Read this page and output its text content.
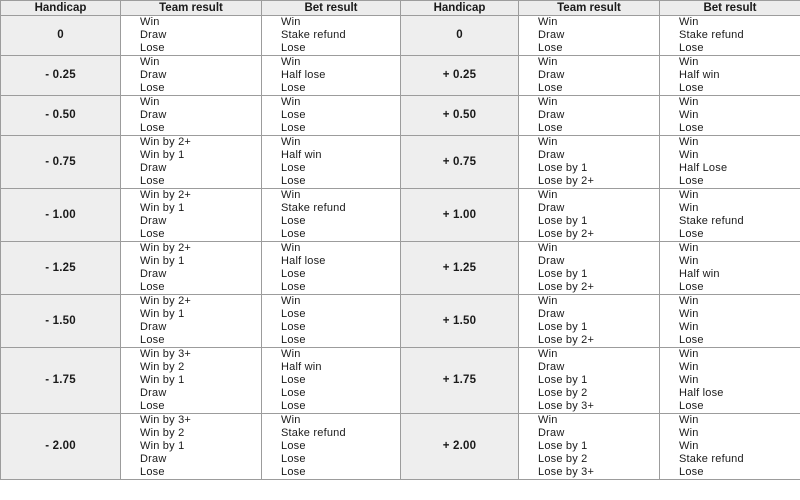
Handicap	Team result	Bet result	Handicap	Team result	Bet result
0	Win	Win	0	Win	Win
	Draw	Stake refund		Draw	Stake refund
	Lose	Lose		Lose	Lose
- 0.25	Win	Win	+ 0.25	Win	Win
	Draw	Half lose		Draw	Half win
	Lose	Lose		Lose	Lose
- 0.50	Win	Win	+ 0.50	Win	Win
	Draw	Lose		Draw	Win
	Lose	Lose		Lose	Lose
- 0.75	Win by 2+	Win	+ 0.75	Win	Win
	Win by 1	Half win		Draw	Win
	Draw	Lose		Lose by 1	Half Lose
	Lose	Lose		Lose by 2+	Lose
- 1.00	Win by 2+	Win	+ 1.00	Win	Win
	Win by 1	Stake refund		Draw	Win
	Draw	Lose		Lose by 1	Stake refund
	Lose	Lose		Lose by 2+	Lose
- 1.25	Win by 2+	Win	+ 1.25	Win	Win
	Win by 1	Half lose		Draw	Win
	Draw	Lose		Lose by 1	Half win
	Lose	Lose		Lose by 2+	Lose
- 1.50	Win by 2+	Win	+ 1.50	Win	Win
	Win by 1	Lose		Draw	Win
	Draw	Lose		Lose by 1	Win
	Lose	Lose		Lose by 2+	Lose
- 1.75	Win by 3+	Win	+ 1.75	Win	Win
	Win by 2	Half win		Draw	Win
	Win by 1	Lose		Lose by 1	Win
	Draw	Lose		Lose by 2	Half lose
	Lose	Lose		Lose by 3+	Lose
- 2.00	Win by 3+	Win	+ 2.00	Win	Win
	Win by 2	Stake refund		Draw	Win
	Win by 1	Lose		Lose by 1	Win
	Draw	Lose		Lose by 2	Stake refund
	Lose	Lose		Lose by 3+	Lose
